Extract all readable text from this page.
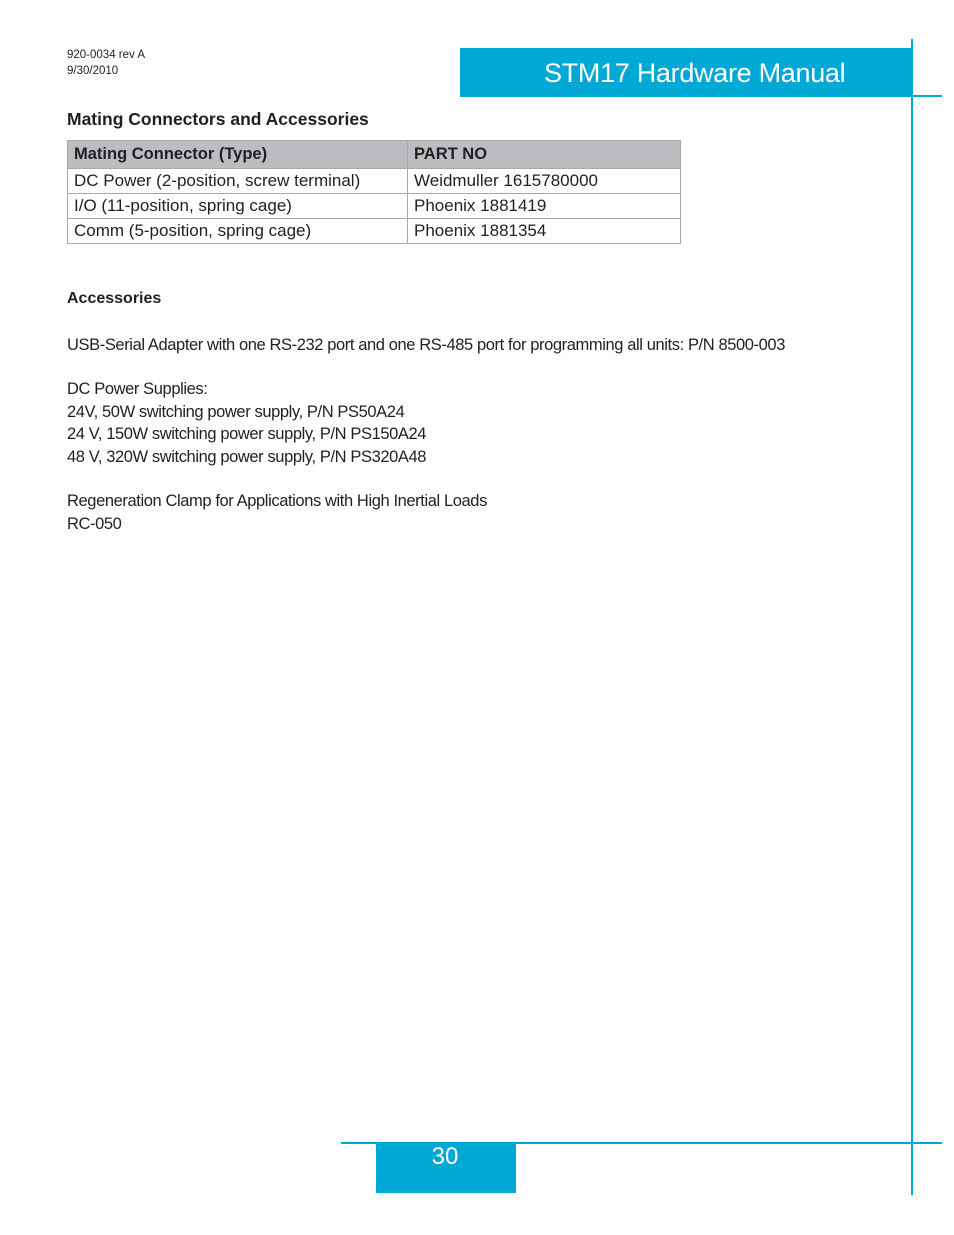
920-0034 rev A
9/30/2010	STM17 Hardware Manual
Mating Connectors and Accessories
Mating Connector (Type)	PART NO
DC Power (2-position, screw terminal)	Weidmuller 1615780000
I/O (11-position, spring cage)	Phoenix 1881419
Comm (5-position, spring cage)	Phoenix 1881354
Accessories
USB-Serial Adapter with one RS-232 port and one RS-485 port for programming all units: P/N 8500-003
DC Power Supplies:
24V, 50W switching power supply, P/N PS50A24
24 V, 150W switching power supply, P/N PS150A24
48 V, 320W switching power supply, P/N PS320A48
Regeneration Clamp for Applications with High Inertial Loads
RC-050
30
